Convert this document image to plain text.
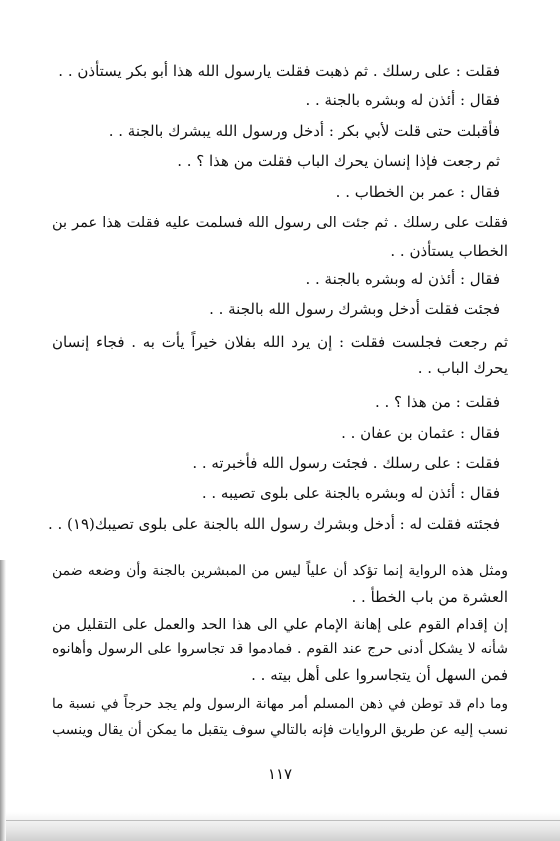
فقلت : على رسلك . ثم ذهبت فقلت يارسول الله هذا أبو بكر يستأذن . .
فقال : أئذن له وبشره بالجنة . .
فأقبلت حتى قلت لأبي بكر : أدخل ورسول الله يبشرك بالجنة . .
ثم رجعت فإذا إنسان يحرك الباب فقلت من هذا ؟ . .
فقال : عمر بن الخطاب . .
فقلت على رسلك . ثم جئت الى رسول الله فسلمت عليه فقلت هذا عمر بن
الخطاب يستأذن . .
فقال : أئذن له وبشره بالجنة . .
فجئت فقلت أدخل وبشرك رسول الله بالجنة . .
ثم رجعت فجلست فقلت : إن يرد الله بفلان خيراً يأت به . فجاء إنسان
يحرك الباب . .
فقلت : من هذا ؟ . .
فقال : عثمان بن عفان . .
فقلت : على رسلك . فجئت رسول الله فأخبرته . .
فقال : أئذن له وبشره بالجنة على بلوى تصيبه . .
فجئته فقلت له : أدخل وبشرك رسول الله بالجنة على بلوى تصيبك(١٩) . .
ومثل هذه الرواية إنما تؤكد أن علياً ليس من المبشرين بالجنة وأن وضعه ضمن
العشرة من باب الخطأ . .
إن إقدام القوم على إهانة الإمام علي الى هذا الحد والعمل على التقليل من
شأنه لا يشكل أدنى حرج عند القوم . فمادموا قد تجاسروا على الرسول وأهانوه
فمن السهل أن يتجاسروا على أهل بيته . .
وما دام قد توطن في ذهن المسلم أمر مهانة الرسول ولم يجد حرجاً في نسبة ما
نسب إليه عن طريق الروايات فإنه بالتالي سوف يتقبل ما يمكن أن يقال وينسب
١١٧
